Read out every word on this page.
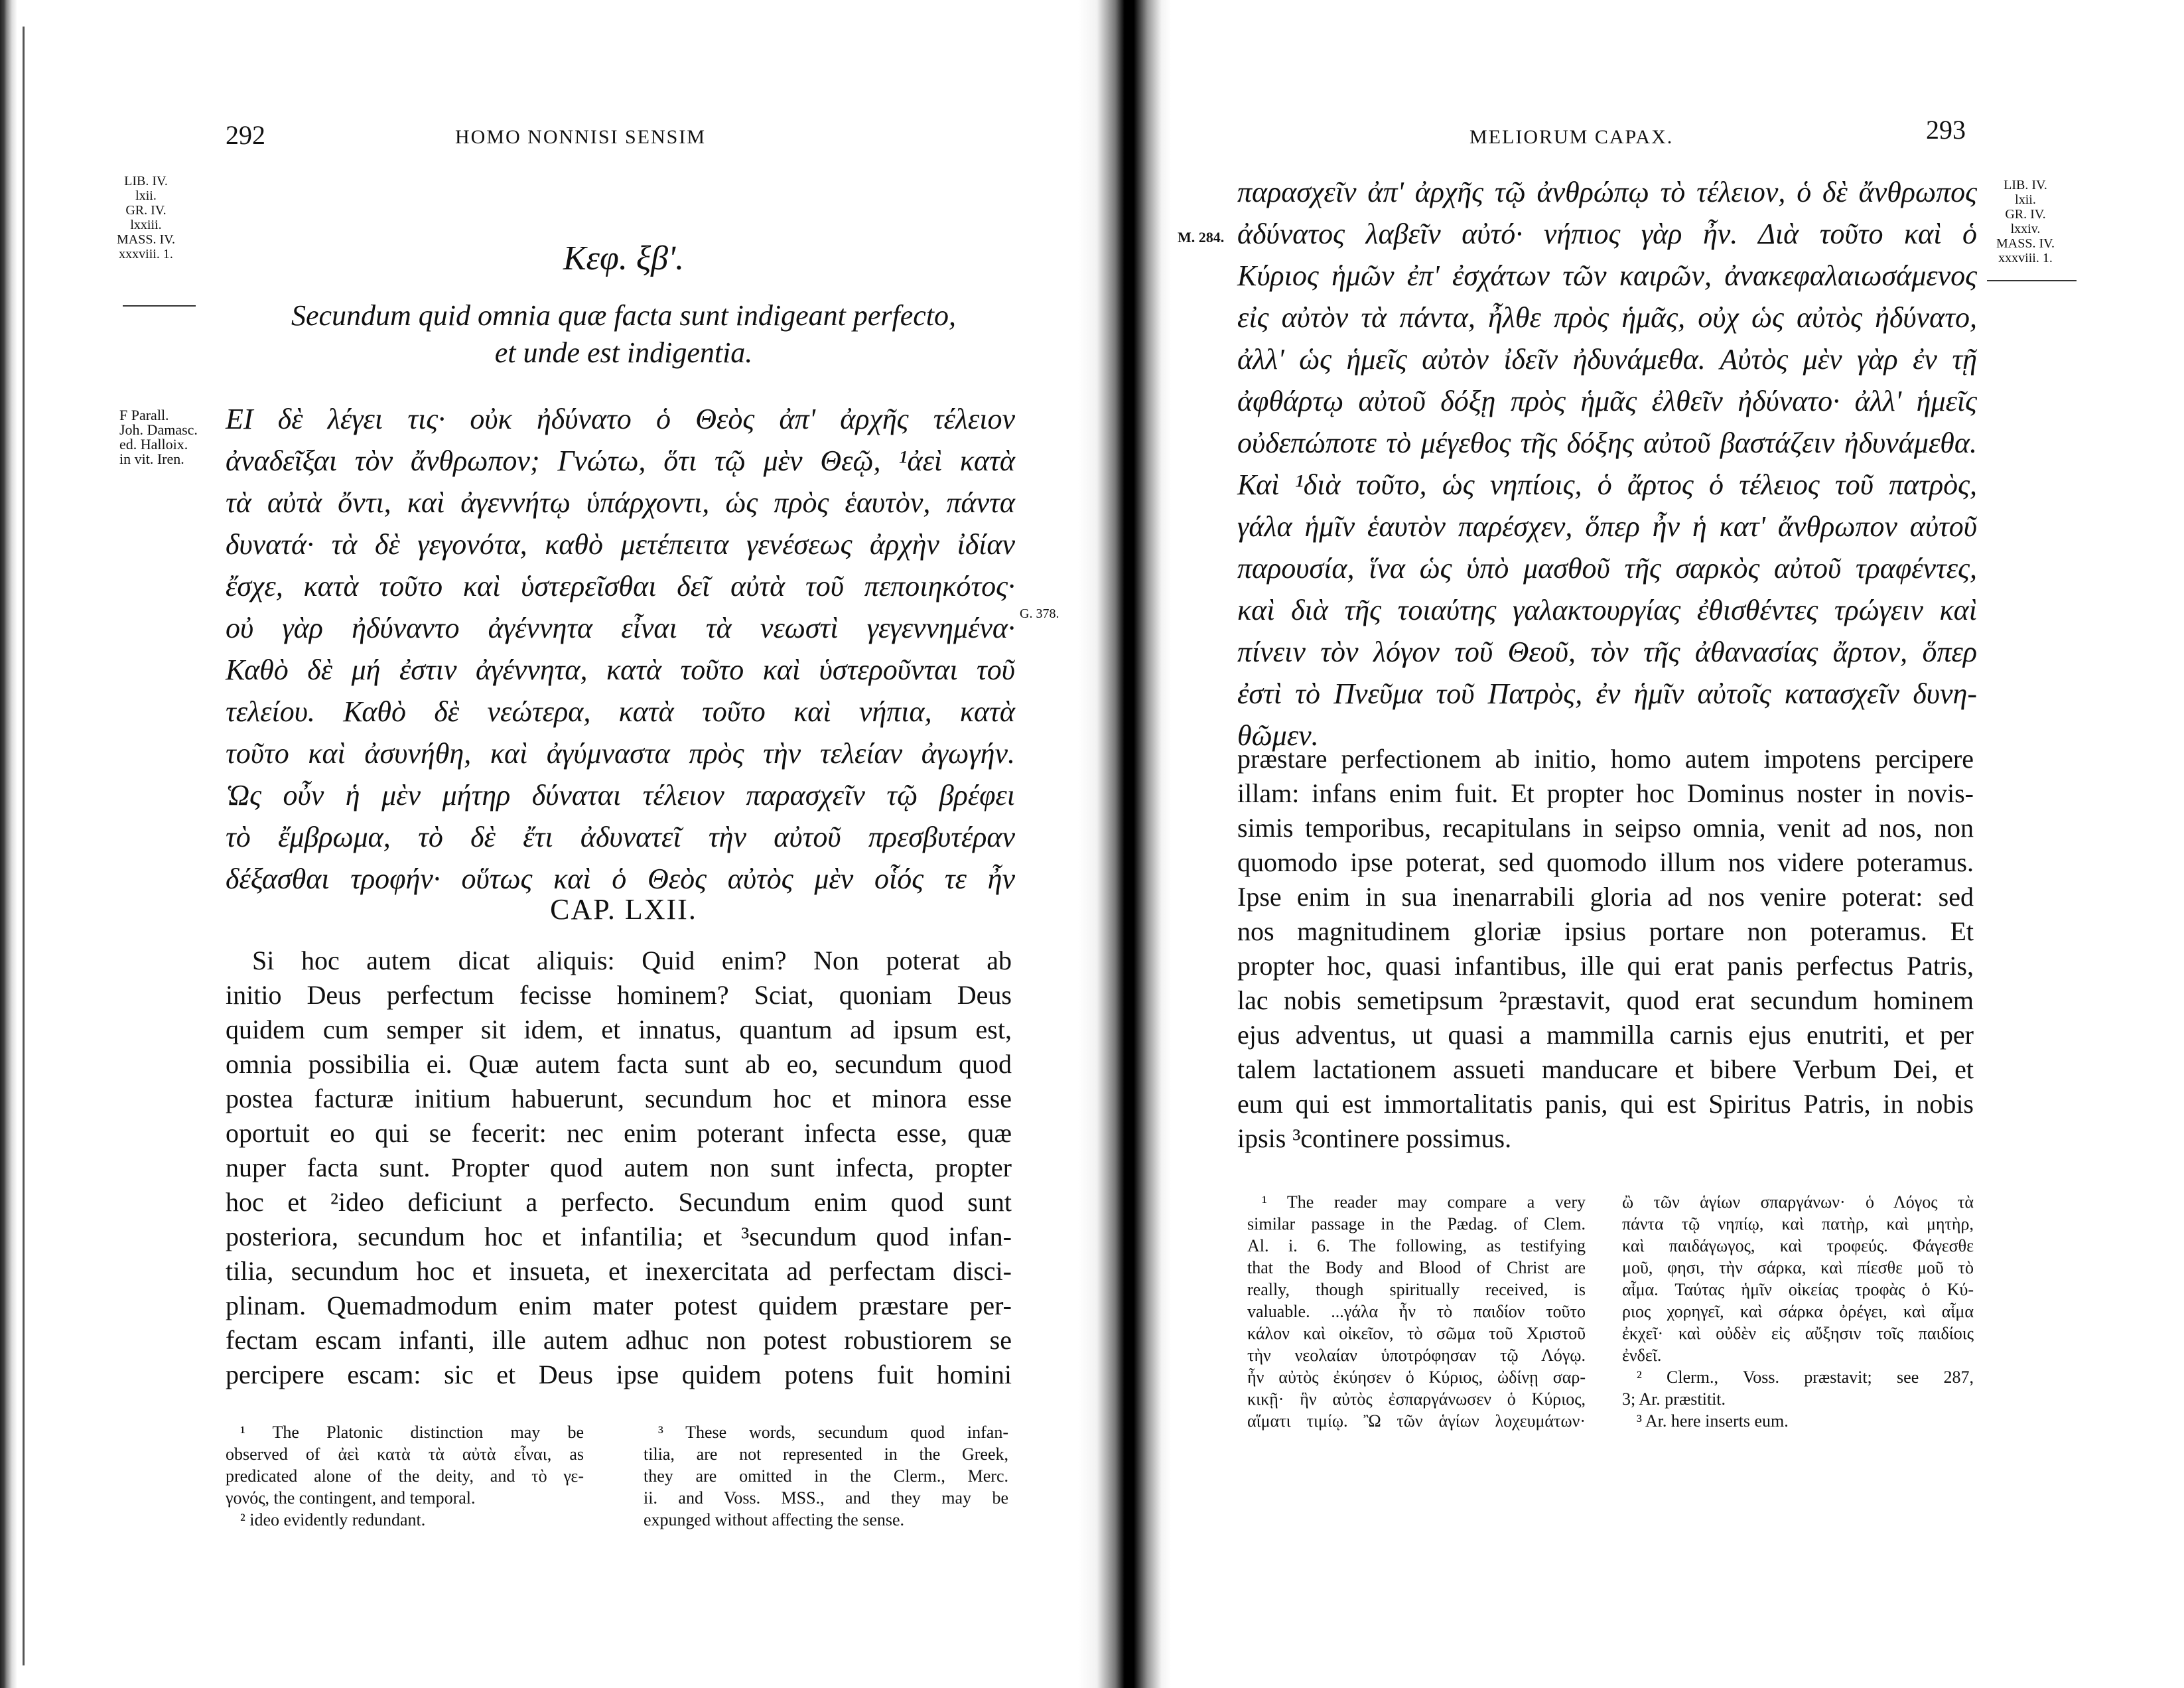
292	HOMO NONNISI SENSIM
LIB. IV.
lxii.
GR. IV.
lxxiii.
MASS. IV.
xxxviii. 1.	Κεφ. ξβ'.
Secundum quid omnia quæ facta sunt indigeant perfecto,
et unde est indigentia.
F Parall.
Joh. Damasc.
ed. Halloix.
in vit. Iren.
ΕΙ δὲ λέγει τις· οὐκ ἠδύνατο ὁ Θεὸς ἀπ' ἀρχῆς τέλειον
ἀναδεῖξαι τὸν ἄνθρωπον; Γνώτω, ὅτι τῷ μὲν Θεῷ, ¹ἀεὶ κατὰ
τὰ αὐτὰ ὄντι, καὶ ἀγεννήτῳ ὑπάρχοντι, ὡς πρὸς ἑαυτὸν, πάντα
δυνατά· τὰ δὲ γεγονότα, καθὸ μετέπειτα γενέσεως ἀρχὴν ἰδίαν
ἔσχε, κατὰ τοῦτο καὶ ὑστερεῖσθαι δεῖ αὐτὰ τοῦ πεποιηκότος·
οὐ γὰρ ἠδύναντο ἀγέννητα εἶναι τὰ νεωστὶ γεγεννημένα·
Καθὸ δὲ μή ἐστιν ἀγέννητα, κατὰ τοῦτο καὶ ὑστεροῦνται τοῦ
τελείου. Καθὸ δὲ νεώτερα, κατὰ τοῦτο καὶ νήπια, κατὰ
τοῦτο καὶ ἀσυνήθη, καὶ ἀγύμναστα πρὸς τὴν τελείαν ἀγωγήν.
Ὡς οὖν ἡ μὲν μήτηρ δύναται τέλειον παρασχεῖν τῷ βρέφει
τὸ ἔμβρωμα, τὸ δὲ ἔτι ἀδυνατεῖ τὴν αὐτοῦ πρεσβυτέραν
δέξασθαι τροφήν· οὕτως καὶ ὁ Θεὸς αὐτὸς μὲν οἷός τε ἦν
G. 378.
CAP. LXII.
Si hoc autem dicat aliquis: Quid enim? Non poterat ab
initio Deus perfectum fecisse hominem? Sciat, quoniam Deus
quidem cum semper sit idem, et innatus, quantum ad ipsum est,
omnia possibilia ei. Quæ autem facta sunt ab eo, secundum quod
postea facturæ initium habuerunt, secundum hoc et minora esse
oportuit eo qui se fecerit: nec enim poterant infecta esse, quæ
nuper facta sunt. Propter quod autem non sunt infecta, propter
hoc et ²ideo deficiunt a perfecto. Secundum enim quod sunt
posteriora, secundum hoc et infantilia; et ³secundum quod infan-
tilia, secundum hoc et insueta, et inexercitata ad perfectam disci-
plinam. Quemadmodum enim mater potest quidem præstare per-
fectam escam infanti, ille autem adhuc non potest robustiorem se
percipere escam: sic et Deus ipse quidem potens fuit homini
¹ The Platonic distinction may be
observed of ἀεὶ κατὰ τὰ αὐτὰ εἶναι, as
predicated alone of the deity, and τὸ γε-
γονός, the contingent, and temporal.
² ideo evidently redundant.
³ These words, secundum quod infan-
tilia, are not represented in the Greek,
they are omitted in the Clerm., Merc.
ii. and Voss. MSS., and they may be
expunged without affecting the sense.
MELIORUM CAPAX.	293
LIB. IV.
lxii.
GR. IV.
lxxiv.
MASS. IV.
xxxviii. 1.
M. 284.
παρασχεῖν ἀπ' ἀρχῆς τῷ ἀνθρώπῳ τὸ τέλειον, ὁ δὲ ἄνθρωπος
ἀδύνατος λαβεῖν αὐτό· νήπιος γὰρ ἦν. Διὰ τοῦτο καὶ ὁ
Κύριος ἡμῶν ἐπ' ἐσχάτων τῶν καιρῶν, ἀνακεφαλαιωσάμενος
εἰς αὐτὸν τὰ πάντα, ἦλθε πρὸς ἡμᾶς, οὐχ ὡς αὐτὸς ἠδύνατο,
ἀλλ' ὡς ἡμεῖς αὐτὸν ἰδεῖν ἠδυνάμεθα. Αὐτὸς μὲν γὰρ ἐν τῇ
ἀφθάρτῳ αὐτοῦ δόξῃ πρὸς ἡμᾶς ἐλθεῖν ἠδύνατο· ἀλλ' ἡμεῖς
οὐδεπώποτε τὸ μέγεθος τῆς δόξης αὐτοῦ βαστάζειν ἠδυνάμεθα.
Καὶ ¹διὰ τοῦτο, ὡς νηπίοις, ὁ ἄρτος ὁ τέλειος τοῦ πατρὸς,
γάλα ἡμῖν ἑαυτὸν παρέσχεν, ὅπερ ἦν ἡ κατ' ἄνθρωπον αὐτοῦ
παρουσία, ἵνα ὡς ὑπὸ μασθοῦ τῆς σαρκὸς αὐτοῦ τραφέντες,
καὶ διὰ τῆς τοιαύτης γαλακτουργίας ἐθισθέντες τρώγειν καὶ
πίνειν τὸν λόγον τοῦ Θεοῦ, τὸν τῆς ἀθανασίας ἄρτον, ὅπερ
ἐστὶ τὸ Πνεῦμα τοῦ Πατρὸς, ἐν ἡμῖν αὐτοῖς κατασχεῖν δυνη-
θῶμεν.
præstare perfectionem ab initio, homo autem impotens percipere
illam: infans enim fuit. Et propter hoc Dominus noster in novis-
simis temporibus, recapitulans in seipso omnia, venit ad nos, non
quomodo ipse poterat, sed quomodo illum nos videre poteramus.
Ipse enim in sua inenarrabili gloria ad nos venire poterat: sed
nos magnitudinem gloriæ ipsius portare non poteramus. Et
propter hoc, quasi infantibus, ille qui erat panis perfectus Patris,
lac nobis semetipsum ²præstavit, quod erat secundum hominem
ejus adventus, ut quasi a mammilla carnis ejus enutriti, et per
talem lactationem assueti manducare et bibere Verbum Dei, et
eum qui est immortalitatis panis, qui est Spiritus Patris, in nobis
ipsis ³continere possimus.
¹ The reader may compare a very
similar passage in the Pædag. of Clem.
Al. i. 6. The following, as testifying
that the Body and Blood of Christ are
really, though spiritually received, is
valuable. ...γάλα ἦν τὸ παιδίον τοῦτο
κάλον καὶ οἰκεῖον, τὸ σῶμα τοῦ Χριστοῦ
τὴν νεολαίαν ὑποτρόφησαν τῷ Λόγῳ.
ἦν αὐτὸς ἐκύησεν ὁ Κύριος, ὠδίνῃ σαρ-
κικῇ· ἣν αὐτὸς ἐσπαργάνωσεν ὁ Κύριος,
αἵματι τιμίῳ. Ὢ τῶν ἁγίων λοχευμάτων·
ὢ τῶν ἁγίων σπαργάνων· ὁ Λόγος τὰ
πάντα τῷ νηπίῳ, καὶ πατὴρ, καὶ μητὴρ,
καὶ παιδάγωγος, καὶ τροφεύς. Φάγεσθε
μοῦ, φησι, τὴν σάρκα, καὶ πίεσθε μοῦ τὸ
αἷμα. Ταύτας ἡμῖν οἰκείας τροφὰς ὁ Κύ-
ριος χορηγεῖ, καὶ σάρκα ὀρέγει, καὶ αἷμα
ἐκχεῖ· καὶ οὐδὲν εἰς αὔξησιν τοῖς παιδίοις
ἐνδεῖ.
² Clerm., Voss. præstavit; see 287,
3; Ar. præstitit.
³ Ar. here inserts eum.
